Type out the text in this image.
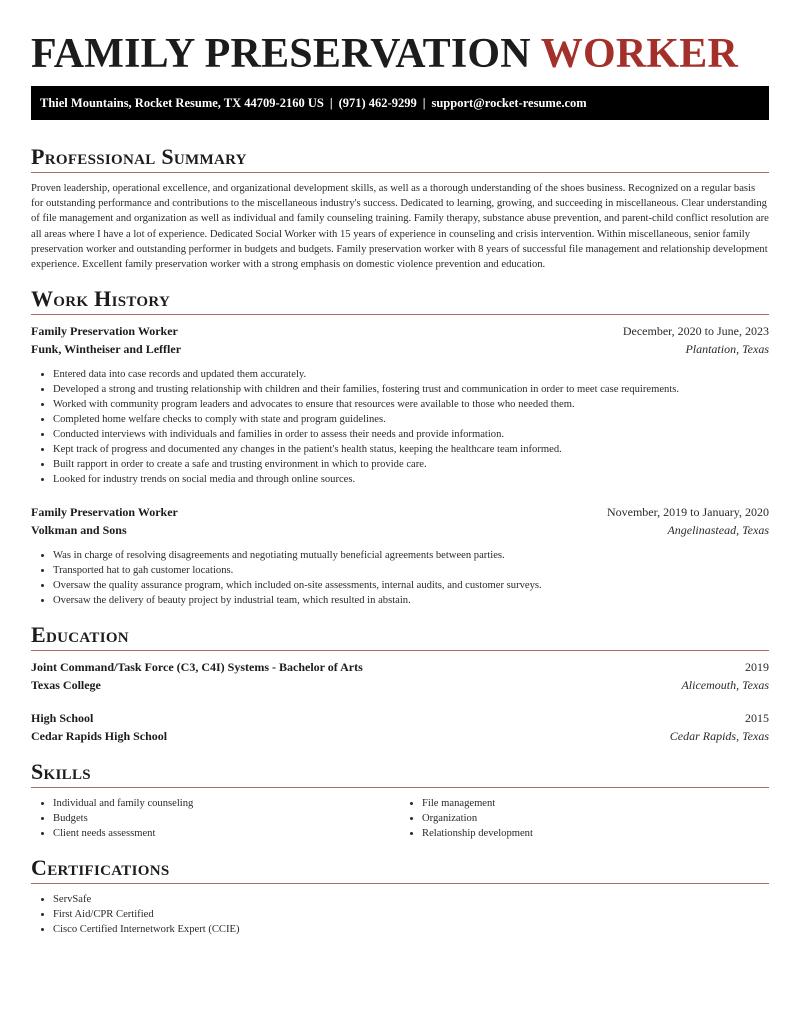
FAMILY PRESERVATION WORKER
Thiel Mountains, Rocket Resume, TX 44709-2160 US | (971) 462-9299 | support@rocket-resume.com
Professional Summary

Proven leadership, operational excellence, and organizational development skills, as well as a thorough understanding of the shoes business. Recognized on a regular basis for outstanding performance and contributions to the miscellaneous industry's success. Dedicated to learning, growing, and succeeding in miscellaneous. Clear understanding of file management and organization as well as individual and family counseling training. Family therapy, substance abuse prevention, and parent-child conflict resolution are all areas where I have a lot of experience. Dedicated Social Worker with 15 years of experience in counseling and crisis intervention. Within miscellaneous, senior family preservation worker and outstanding performer in budgets and budgets. Family preservation worker with 8 years of successful file management and relationship development experience. Excellent family preservation worker with a strong emphasis on domestic violence prevention and education.

Work History
Family Preservation Worker	December, 2020 to June, 2023
Funk, Wintheiser and Leffler	Plantation, Texas
• Entered data into case records and updated them accurately.
• Developed a strong and trusting relationship with children and their families, fostering trust and communication in order to meet case requirements.
• Worked with community program leaders and advocates to ensure that resources were available to those who needed them.
• Completed home welfare checks to comply with state and program guidelines.
• Conducted interviews with individuals and families in order to assess their needs and provide information.
• Kept track of progress and documented any changes in the patient's health status, keeping the healthcare team informed.
• Built rapport in order to create a safe and trusting environment in which to provide care.
• Looked for industry trends on social media and through online sources.
Family Preservation Worker	November, 2019 to January, 2020
Volkman and Sons	Angelinastead, Texas
• Was in charge of resolving disagreements and negotiating mutually beneficial agreements between parties.
• Transported hat to gah customer locations.
• Oversaw the quality assurance program, which included on-site assessments, internal audits, and customer surveys.
• Oversaw the delivery of beauty project by industrial team, which resulted in abstain.
Education
Joint Command/Task Force (C3, C4I) Systems - Bachelor of Arts	2019
Texas College	Alicemouth, Texas
High School	2015
Cedar Rapids High School	Cedar Rapids, Texas
Skills
• Individual and family counseling
• Budgets
• Client needs assessment
• File management
• Organization
• Relationship development
Certifications
• ServSafe
• First Aid/CPR Certified
• Cisco Certified Internetwork Expert (CCIE)
